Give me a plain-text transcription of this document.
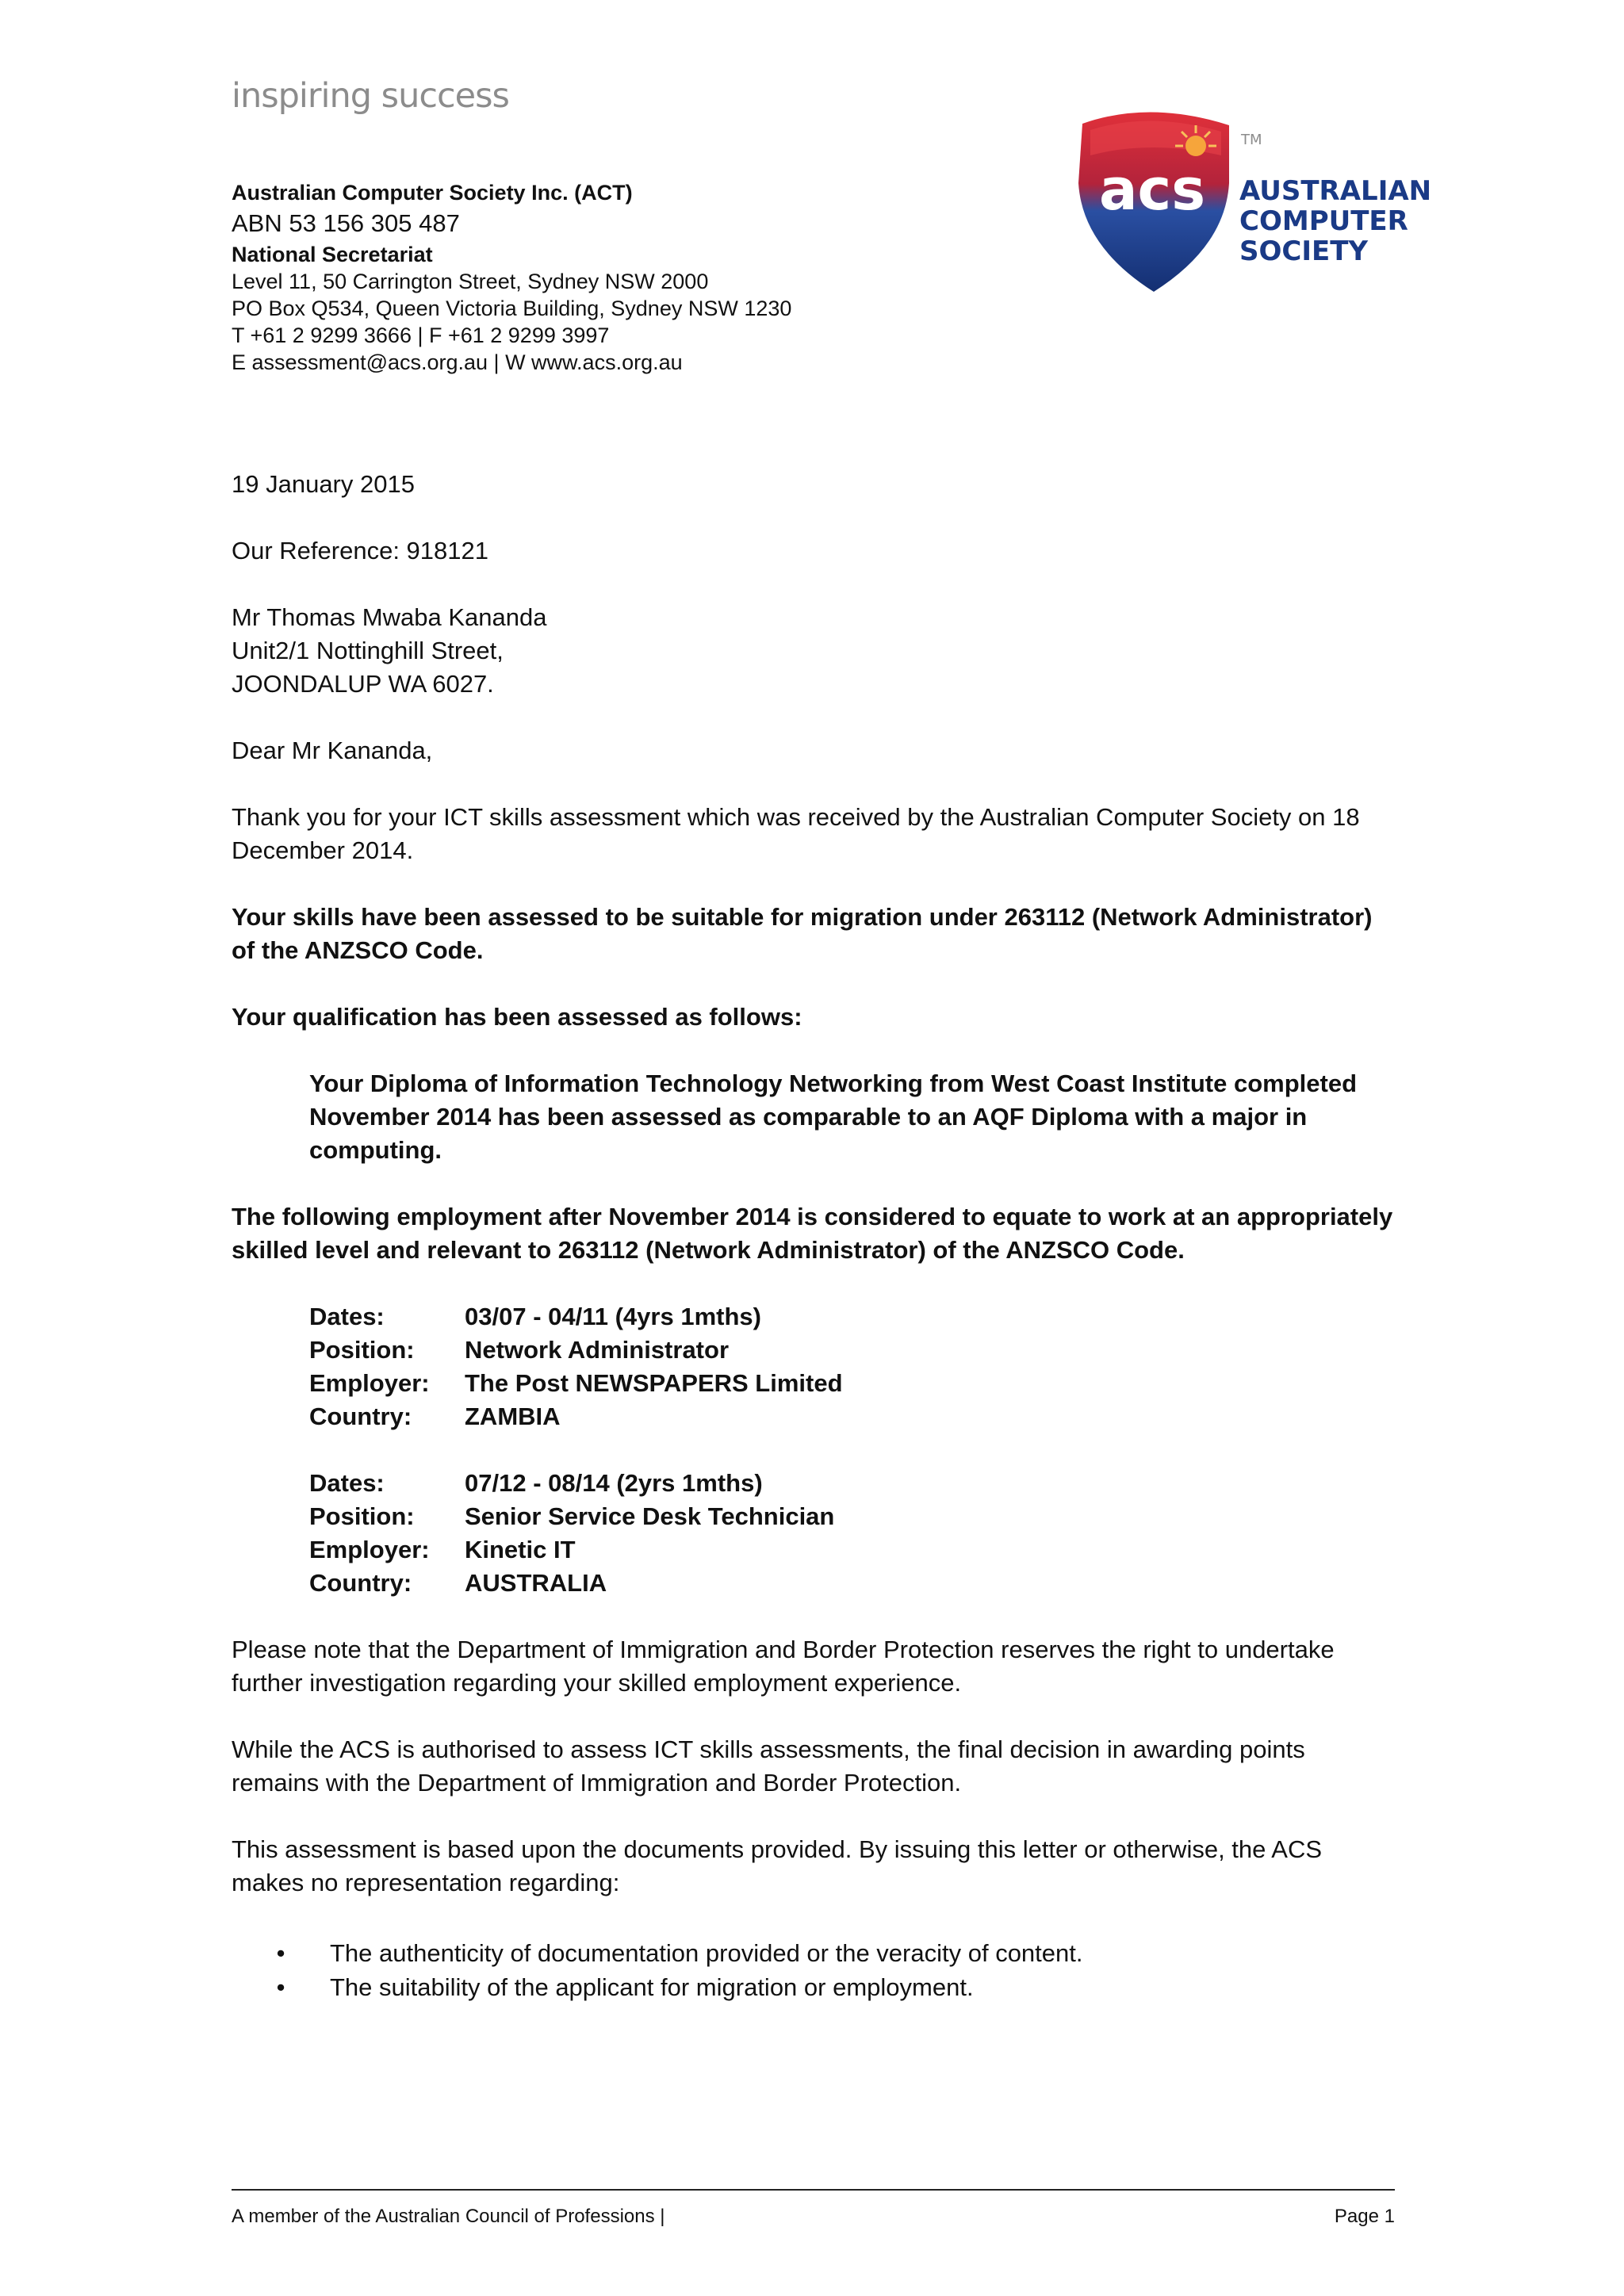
inspiring success
Australian Computer Society Inc. (ACT)
ABN 53 156 305 487
National Secretariat
Level 11, 50 Carrington Street, Sydney NSW 2000
PO Box Q534, Queen Victoria Building, Sydney NSW 1230
T +61 2 9299 3666 | F +61 2 9299 3997
E assessment@acs.org.au | W www.acs.org.au
acs
TM
AUSTRALIAN
COMPUTER
SOCIETY
19 January 2015
Our Reference: 918121
Mr Thomas Mwaba Kananda
Unit2/1 Nottinghill Street,
JOONDALUP WA 6027.
Dear Mr Kananda,
Thank you for your ICT skills assessment which was received by the Australian Computer Society on 18 December 2014.
Your skills have been assessed to be suitable for migration under 263112 (Network Administrator) of the ANZSCO Code.
Your qualification has been assessed as follows:
Your Diploma of Information Technology Networking from West Coast Institute completed November 2014 has been assessed as comparable to an AQF Diploma with a major in computing.
The following employment after November 2014 is considered to equate to work at an appropriately skilled level and relevant to 263112 (Network Administrator) of the ANZSCO Code.
Dates:	03/07 - 04/11 (4yrs 1mths)
Position:	Network Administrator
Employer:	The Post NEWSPAPERS Limited
Country:	ZAMBIA
Dates:	07/12 - 08/14 (2yrs 1mths)
Position:	Senior Service Desk Technician
Employer:	Kinetic IT
Country:	AUSTRALIA
Please note that the Department of Immigration and Border Protection reserves the right to undertake further investigation regarding your skilled employment experience.
While the ACS is authorised to assess ICT skills assessments, the final decision in awarding points remains with the Department of Immigration and Border Protection.
This assessment is based upon the documents provided. By issuing this letter or otherwise, the ACS makes no representation regarding:
•	The authenticity of documentation provided or the veracity of content.
•	The suitability of the applicant for migration or employment.
A member of the Australian Council of Professions |	Page 1
